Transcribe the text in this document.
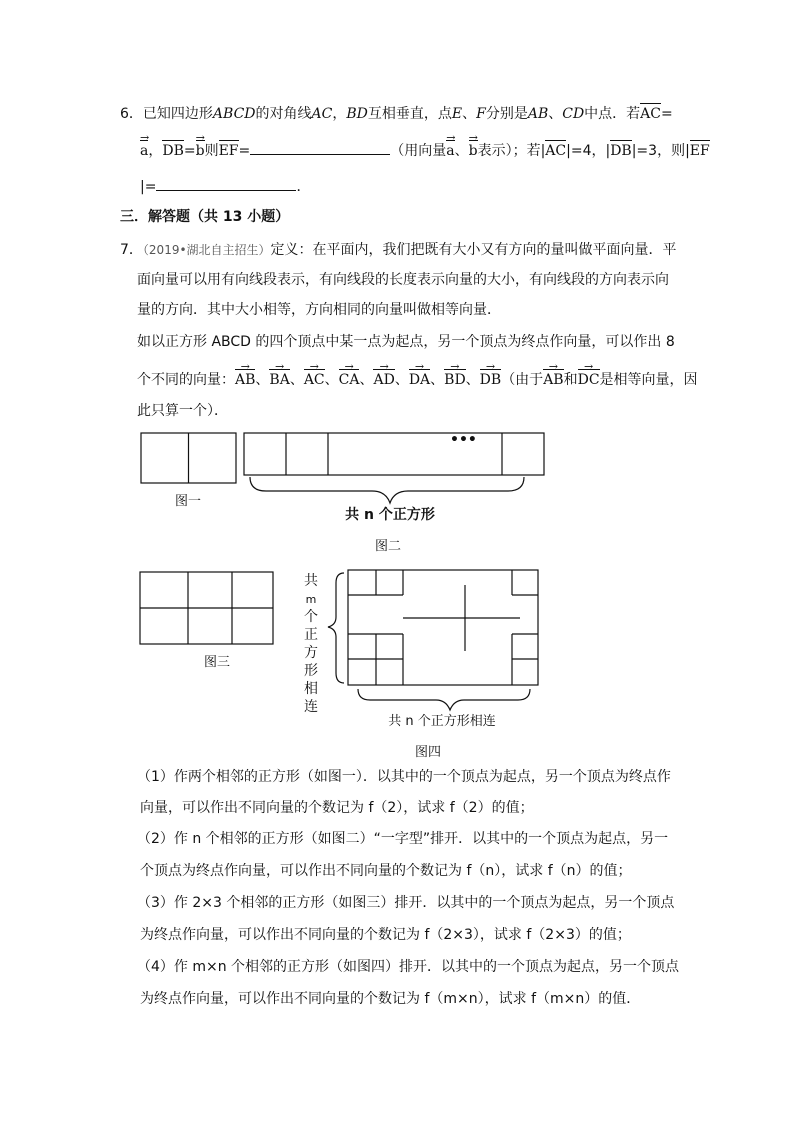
6．已知四边形ABCD的对角线AC，BD互相垂直，点E、F分别是AB、CD中点．若AC=
a →，DB=b →则EF=	（用向量a →、b →表示）；若|AC|=4，|DB|=3，则|EF
|=	．
三．解答题（共 13 小题）
7．（2019•湖北自主招生）定义：在平面内，我们把既有大小又有方向的量叫做平面向量．平
面向量可以用有向线段表示，有向线段的长度表示向量的大小，有向线段的方向表示向
量的方向．其中大小相等，方向相同的向量叫做相等向量．
如以正方形 ABCD 的四个顶点中某一点为起点，另一个顶点为终点作向量，可以作出 8
个不同的向量：AB →、BA →、AC →、CA →、AD →、DA →、BD →、DB →（由于AB →和DC →是相等向量，因
此只算一个）．
•••
图一
共 n 个正方形
图二
图三
共
m
个
正
方
形
相
连
共 n 个正方形相连
图四
（1）作两个相邻的正方形（如图一）．以其中的一个顶点为起点，另一个顶点为终点作
向量，可以作出不同向量的个数记为 f（2），试求 f（2）的值；
（2）作 n 个相邻的正方形（如图二）“一字型”排开．以其中的一个顶点为起点，另一
个顶点为终点作向量，可以作出不同向量的个数记为 f（n），试求 f（n）的值；
（3）作 2×3 个相邻的正方形（如图三）排开．以其中的一个顶点为起点，另一个顶点
为终点作向量，可以作出不同向量的个数记为 f（2×3），试求 f（2×3）的值；
（4）作 m×n 个相邻的正方形（如图四）排开．以其中的一个顶点为起点，另一个顶点
为终点作向量，可以作出不同向量的个数记为 f（m×n），试求 f（m×n）的值．
